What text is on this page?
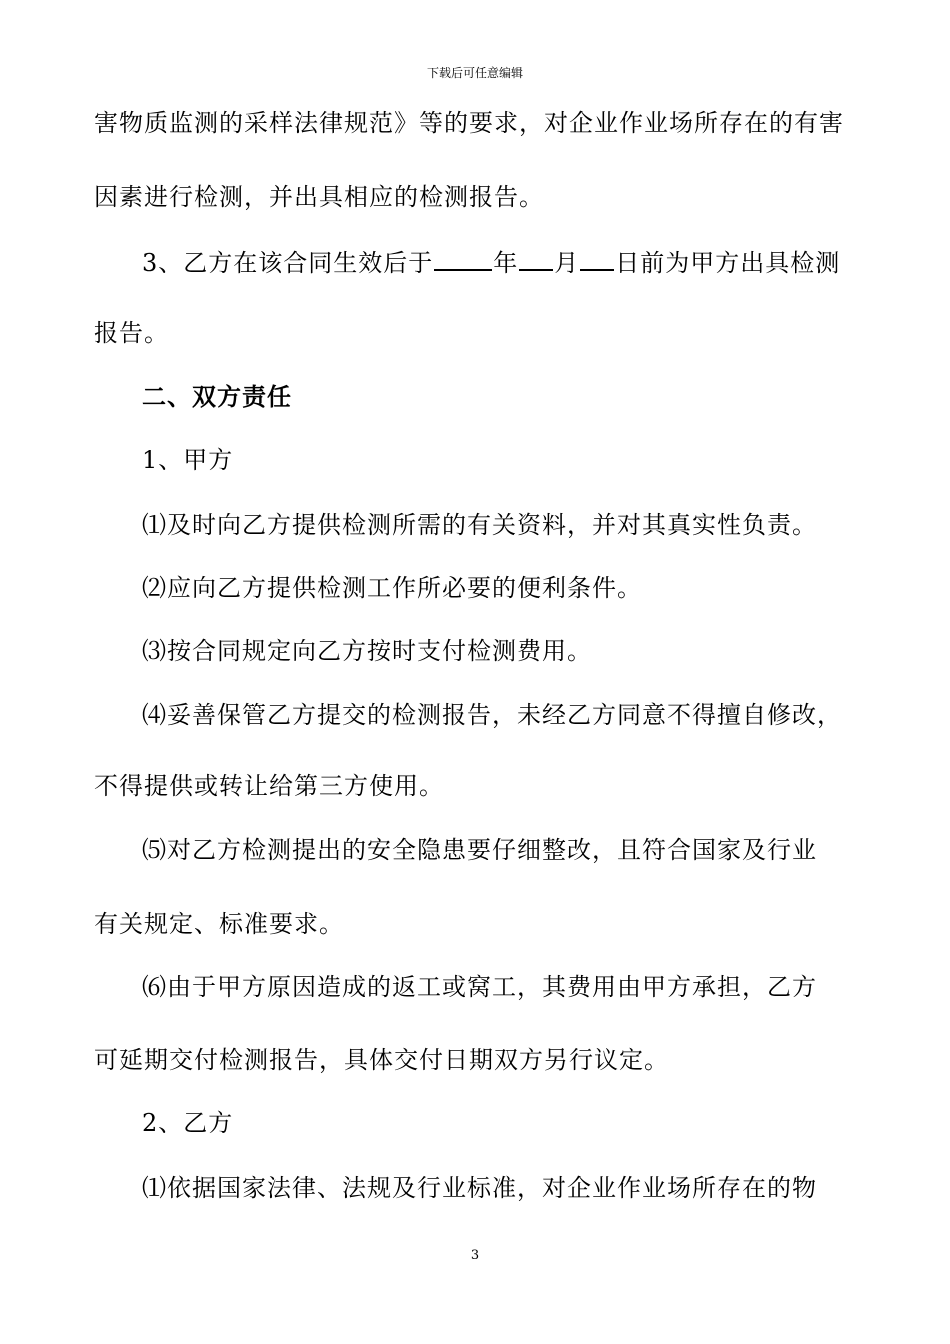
下载后可任意编辑
害物质监测的采样法律规范》等的要求，对企业作业场所存在的有害
因素进行检测，并出具相应的检测报告。
3、乙方在该合同生效后于	年 月 日前为甲方出具检测
报告。
二、双方责任
1、甲方
⑴及时向乙方提供检测所需的有关资料，并对其真实性负责。
⑵应向乙方提供检测工作所必要的便利条件。
⑶按合同规定向乙方按时支付检测费用。
⑷妥善保管乙方提交的检测报告，未经乙方同意不得擅自修改，
不得提供或转让给第三方使用。
⑸对乙方检测提出的安全隐患要仔细整改，且符合国家及行业
有关规定、标准要求。
⑹由于甲方原因造成的返工或窝工，其费用由甲方承担，乙方
可延期交付检测报告，具体交付日期双方另行议定。
2、乙方
⑴依据国家法律、法规及行业标准，对企业作业场所存在的物
3
